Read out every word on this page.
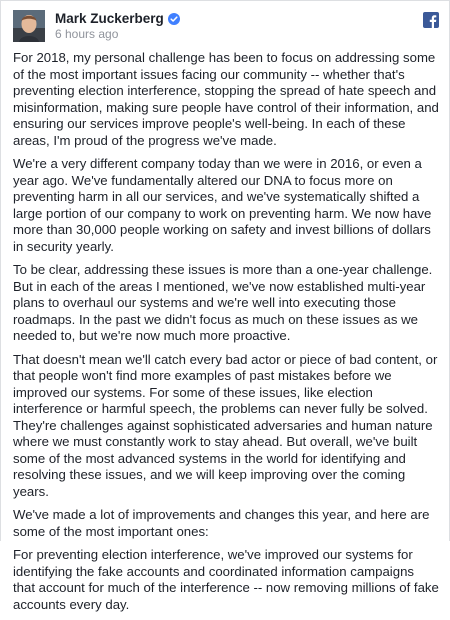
Mark Zuckerberg
6 hours ago

For 2018, my personal challenge has been to focus on addressing some of the most important issues facing our community -- whether that's preventing election interference, stopping the spread of hate speech and misinformation, making sure people have control of their information, and ensuring our services improve people's well-being. In each of these areas, I'm proud of the progress we've made.

We're a very different company today than we were in 2016, or even a year ago. We've fundamentally altered our DNA to focus more on preventing harm in all our services, and we've systematically shifted a large portion of our company to work on preventing harm. We now have more than 30,000 people working on safety and invest billions of dollars in security yearly.

To be clear, addressing these issues is more than a one-year challenge. But in each of the areas I mentioned, we've now established multi-year plans to overhaul our systems and we're well into executing those roadmaps. In the past we didn't focus as much on these issues as we needed to, but we're now much more proactive.

That doesn't mean we'll catch every bad actor or piece of bad content, or that people won't find more examples of past mistakes before we improved our systems. For some of these issues, like election interference or harmful speech, the problems can never fully be solved. They're challenges against sophisticated adversaries and human nature where we must constantly work to stay ahead. But overall, we've built some of the most advanced systems in the world for identifying and resolving these issues, and we will keep improving over the coming years.

We've made a lot of improvements and changes this year, and here are some of the most important ones:

For preventing election interference, we've improved our systems for identifying the fake accounts and coordinated information campaigns that account for much of the interference -- now removing millions of fake accounts every day.
